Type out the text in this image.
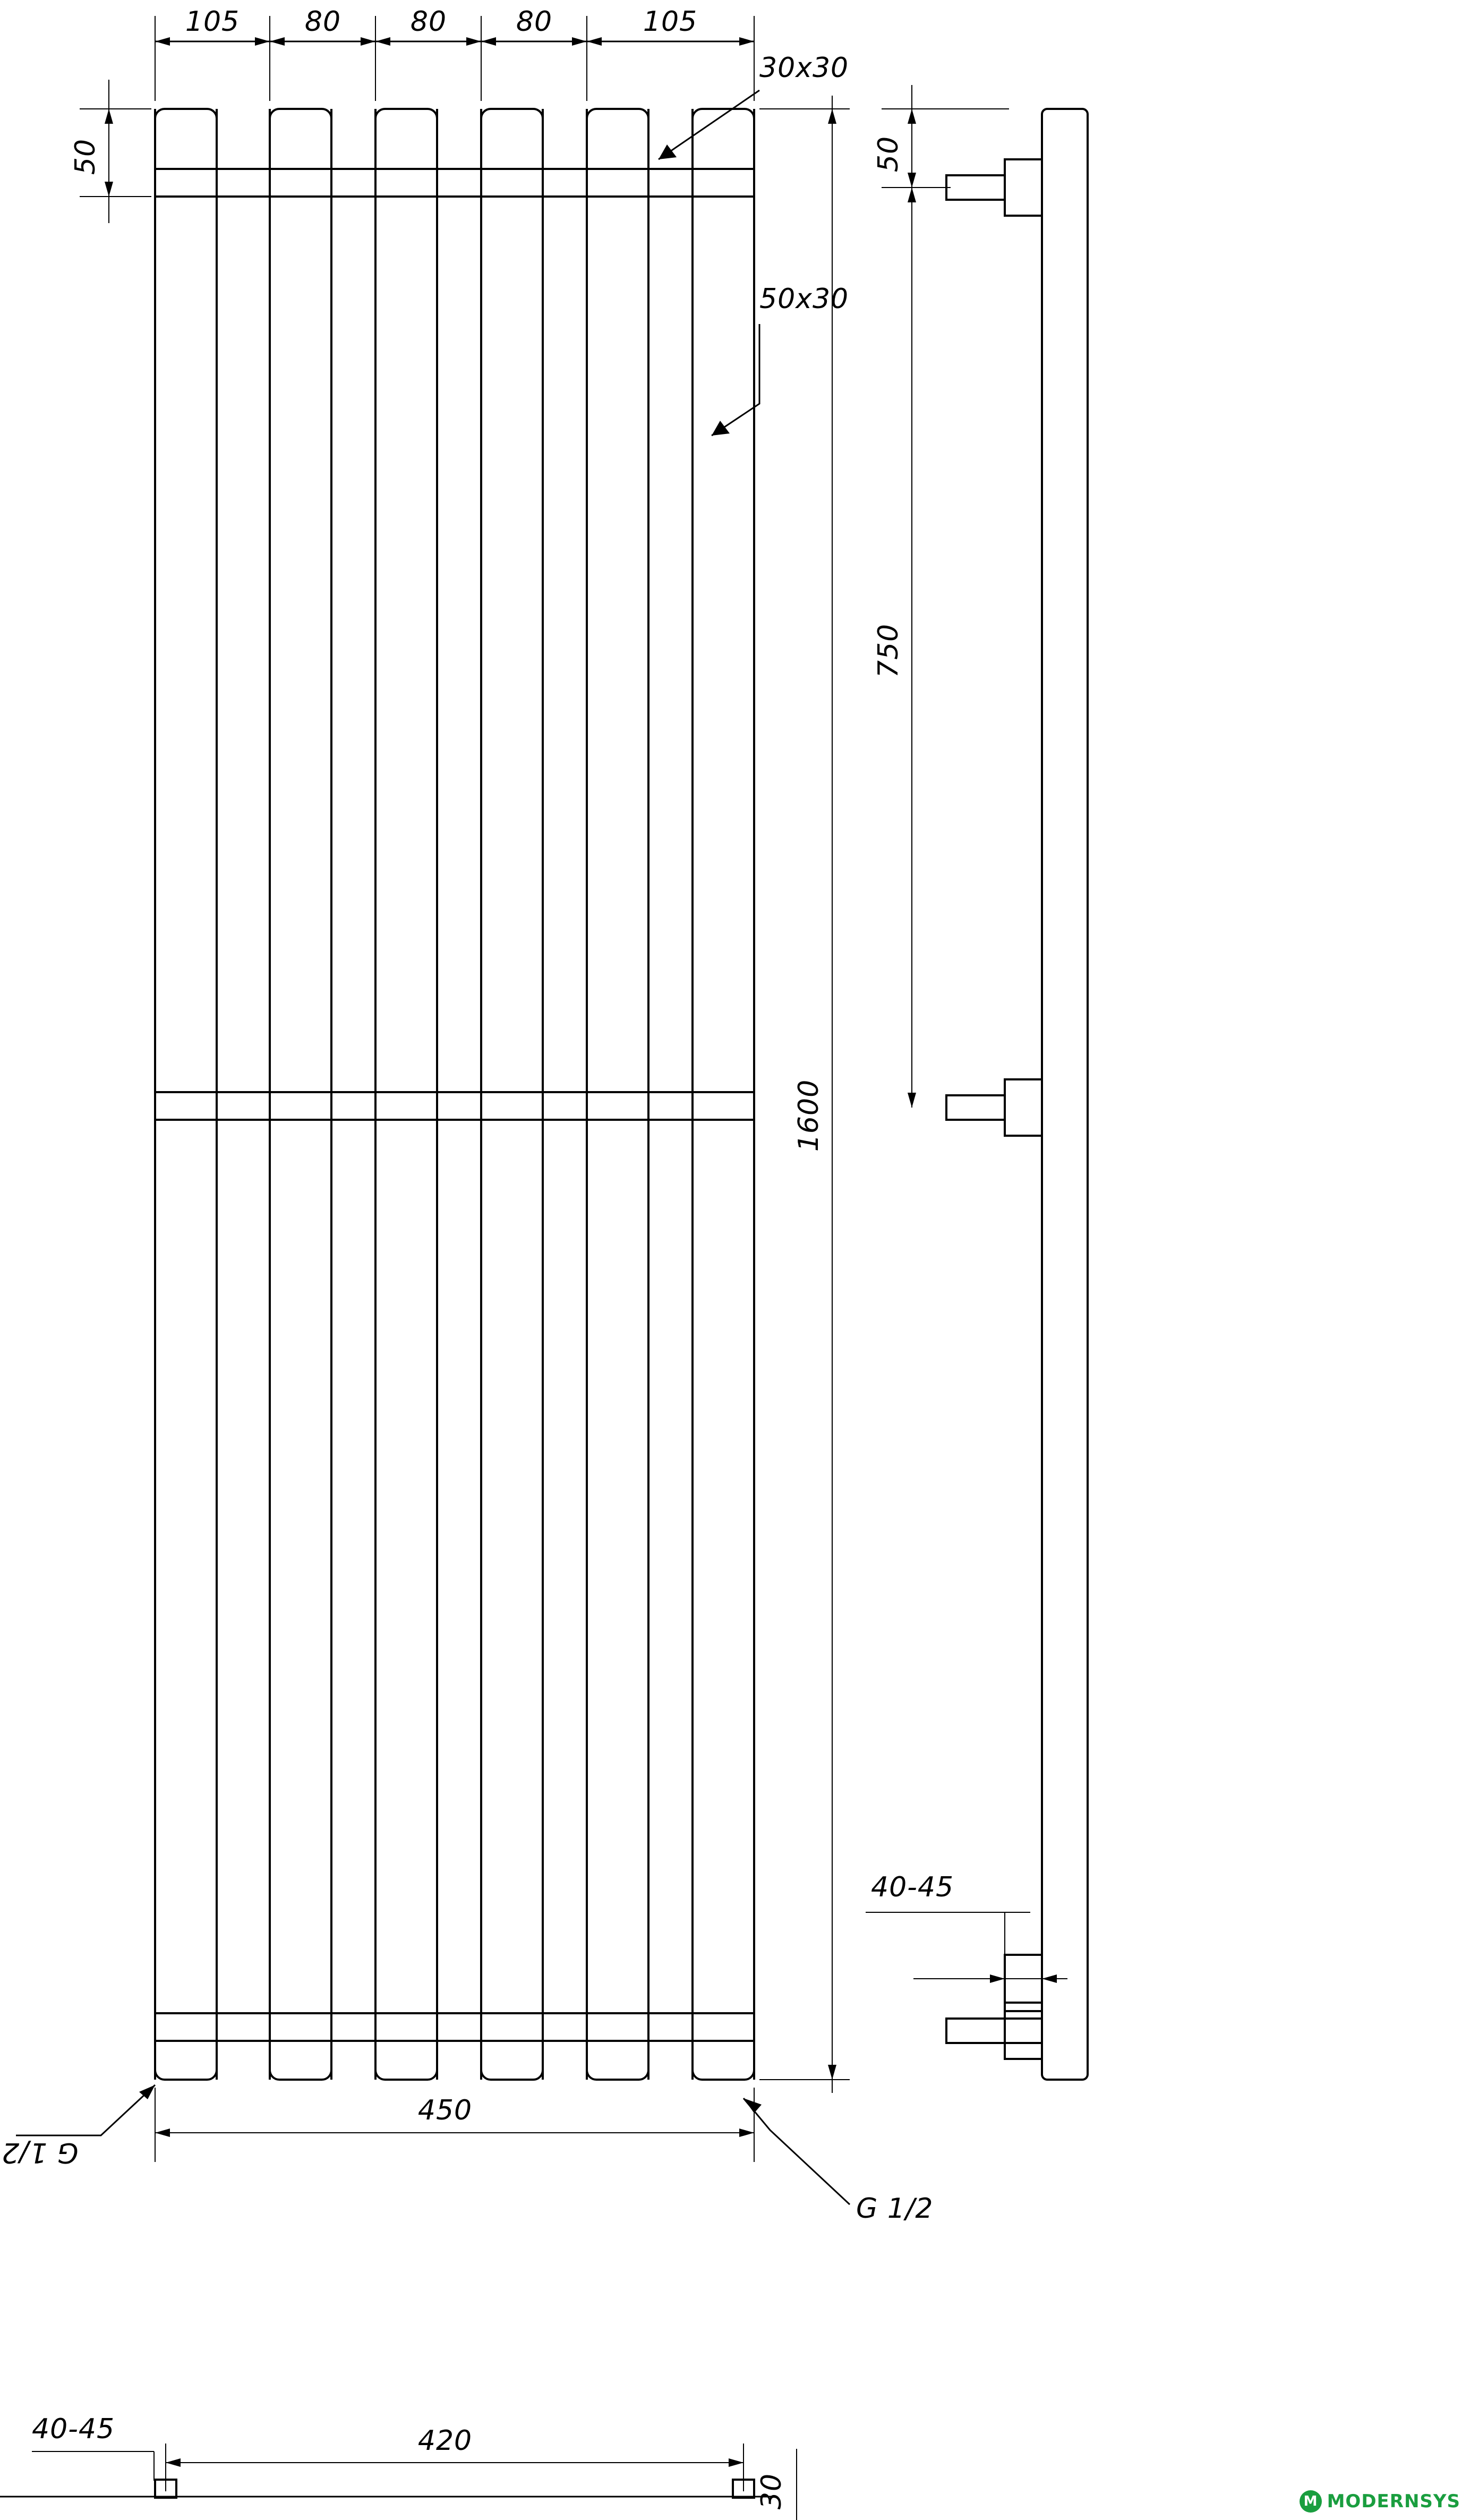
105 80	80	80	105
50
30x30
50x30
1600
50
750
450
40-45
G 1/2
G 1/2
40-45	420
30	M MODERNSYS
